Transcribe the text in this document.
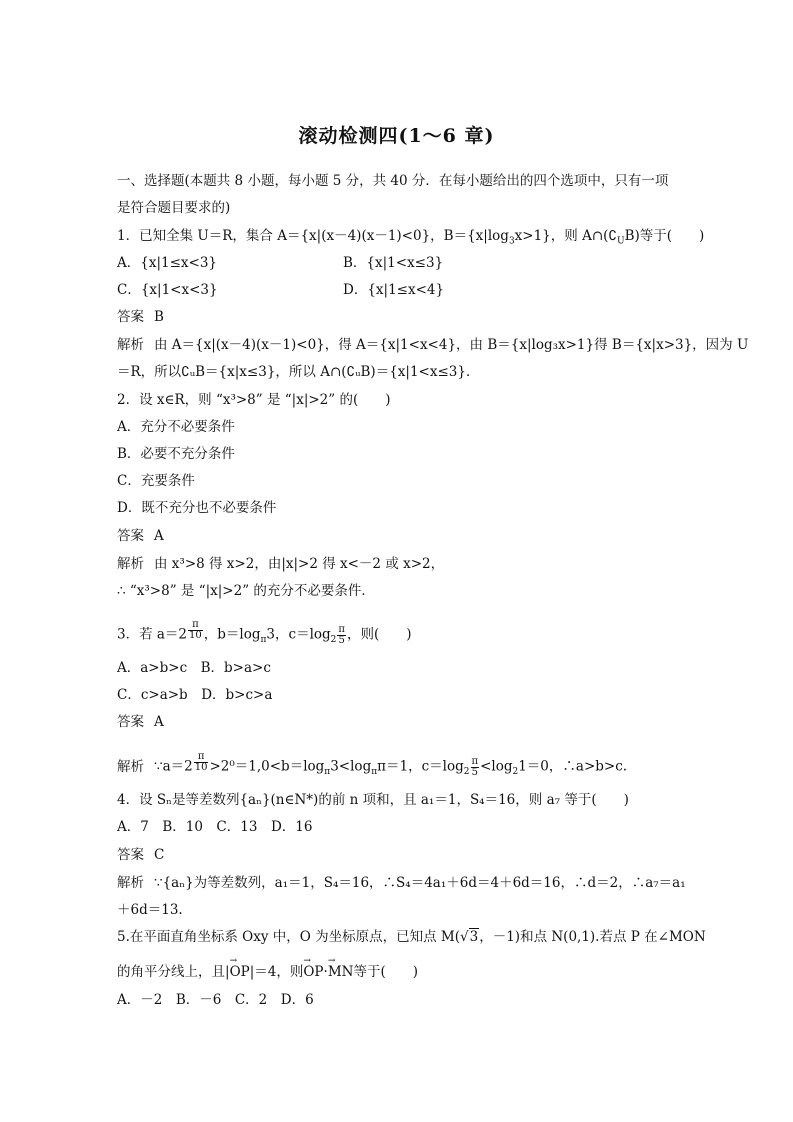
滚动检测四(1～6 章)
一、选择题(本题共 8 小题，每小题 5 分，共 40 分．在每小题给出的四个选项中，只有一项
是符合题目要求的)
1．已知全集 U＝R，集合 A＝{x|(x－4)(x－1)<0}，$B=\{x|\log_3x>1\}$，则 $A\cap(∁_UB)$等于(　　)
A．{x|1≤x<3}	B．{x|1<x≤3}
C．{x|1<x<3}	D．{x|1≤x<4}
答案 B
解析 由 A＝{x|(x－4)(x－1)<0}，得 A＝{x|1<x<4}，由 B＝{x|log₃x>1}得 B＝{x|x>3}，因为 U
＝R，所以∁ᵤB＝{x|x≤3}，所以 A∩(∁ᵤB)＝{x|1<x≤3}．
2．设 x∈R，则 “x³>8” 是 “|x|>2” 的(　　)
A．充分不必要条件
B．必要不充分条件
C．充要条件
D．既不充分也不必要条件
答案 A
解析 由 x³>8 得 x>2，由|x|>2 得 x<－2 或 x>2，
∴ “x³>8” 是 “|x|>2” 的充分不必要条件．
3．若 a＝2 $^{\frac{\pi}{10}}$ ，$b=\log_\pi 3$，$c=\log_2 \frac{\pi}{5}$ ，则(　　)
A．a>b>c　B．b>a>c
C．c>a>b　D．b>c>a
答案 A
解析 ∵a＝2 $^{\frac{\pi}{10}} >2^0=1,0<b=\log_\pi 3<\log_\pi\pi=1$，$c=\log_2 \frac{\pi}{5} <\log_21=0$，∴a>b>c.
4．设 Sₙ是等差数列{aₙ}(n∈N*)的前 n 项和，且 a₁＝1，S₄＝16，则 a₇ 等于(　　)
A．7　B．10　C．13　D．16
答案 C
解析 ∵{aₙ}为等差数列，a₁＝1，S₄＝16，∴S₄＝4a₁＋6d＝4＋6d＝16，∴d＝2，∴a₇＝a₁
＋6d＝13.
5.在平面直角坐标系 Oxy 中，O 为坐标原点，已知点 M(√3，－1)和点 N(0,1).若点 P 在∠MON
的角平分线上，且|→ OP|＝4，则→ OP·→ MN等于(　　)
A．－2　B．－6　C．2　D．6
